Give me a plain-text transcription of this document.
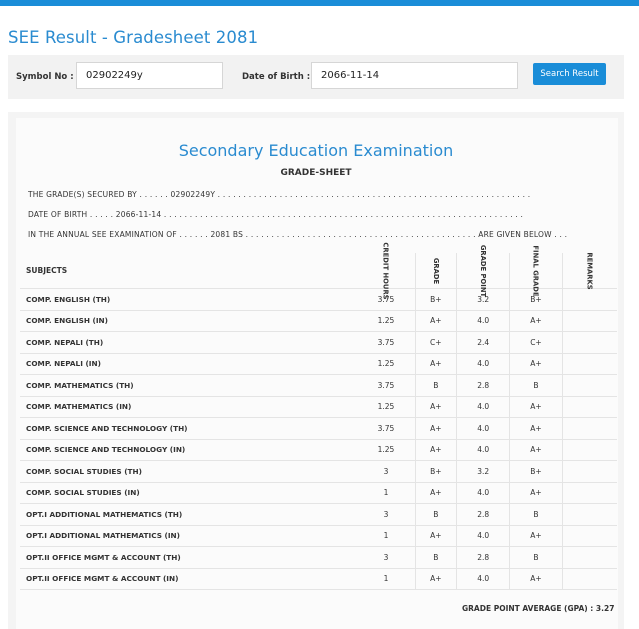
SEE Result - Gradesheet 2081
Symbol No :	02902249y	Date of Birth :	2066-11-14	Search Result
Secondary Education Examination
GRADE-SHEET
THE GRADE(S) SECURED BY . . . . . . 02902249Y . . . . . . . . . . . . . . . . . . . . . . . . . . . . . . . . . . . . . . . . . . . . . . . . . . . . . . . . . . . . .
DATE OF BIRTH . . . . . 2066-11-14 . . . . . . . . . . . . . . . . . . . . . . . . . . . . . . . . . . . . . . . . . . . . . . . . . . . . . . . . . . . . . . . . . . . . . .
IN THE ANNUAL SEE EXAMINATION OF . . . . . . 2081 BS . . . . . . . . . . . . . . . . . . . . . . . . . . . . . . . . . . . . . . . . . . . . . ARE GIVEN BELOW . . .
SUBJECTS	CREDIT HOURS	GRADE	GRADE POINT	FINAL GRADE	REMARKS
COMP. ENGLISH (TH)	3.75	B+	3.2	B+	
COMP. ENGLISH (IN)	1.25	A+	4.0	A+	
COMP. NEPALI (TH)	3.75	C+	2.4	C+	
COMP. NEPALI (IN)	1.25	A+	4.0	A+	
COMP. MATHEMATICS (TH)	3.75	B	2.8	B	
COMP. MATHEMATICS (IN)	1.25	A+	4.0	A+	
COMP. SCIENCE AND TECHNOLOGY (TH)	3.75	A+	4.0	A+	
COMP. SCIENCE AND TECHNOLOGY (IN)	1.25	A+	4.0	A+	
COMP. SOCIAL STUDIES (TH)	3	B+	3.2	B+	
COMP. SOCIAL STUDIES (IN)	1	A+	4.0	A+	
OPT.I ADDITIONAL MATHEMATICS (TH)	3	B	2.8	B	
OPT.I ADDITIONAL MATHEMATICS (IN)	1	A+	4.0	A+	
OPT.II OFFICE MGMT & ACCOUNT (TH)	3	B	2.8	B	
OPT.II OFFICE MGMT & ACCOUNT (IN)	1	A+	4.0	A+	
GRADE POINT AVERAGE (GPA) : 3.27
